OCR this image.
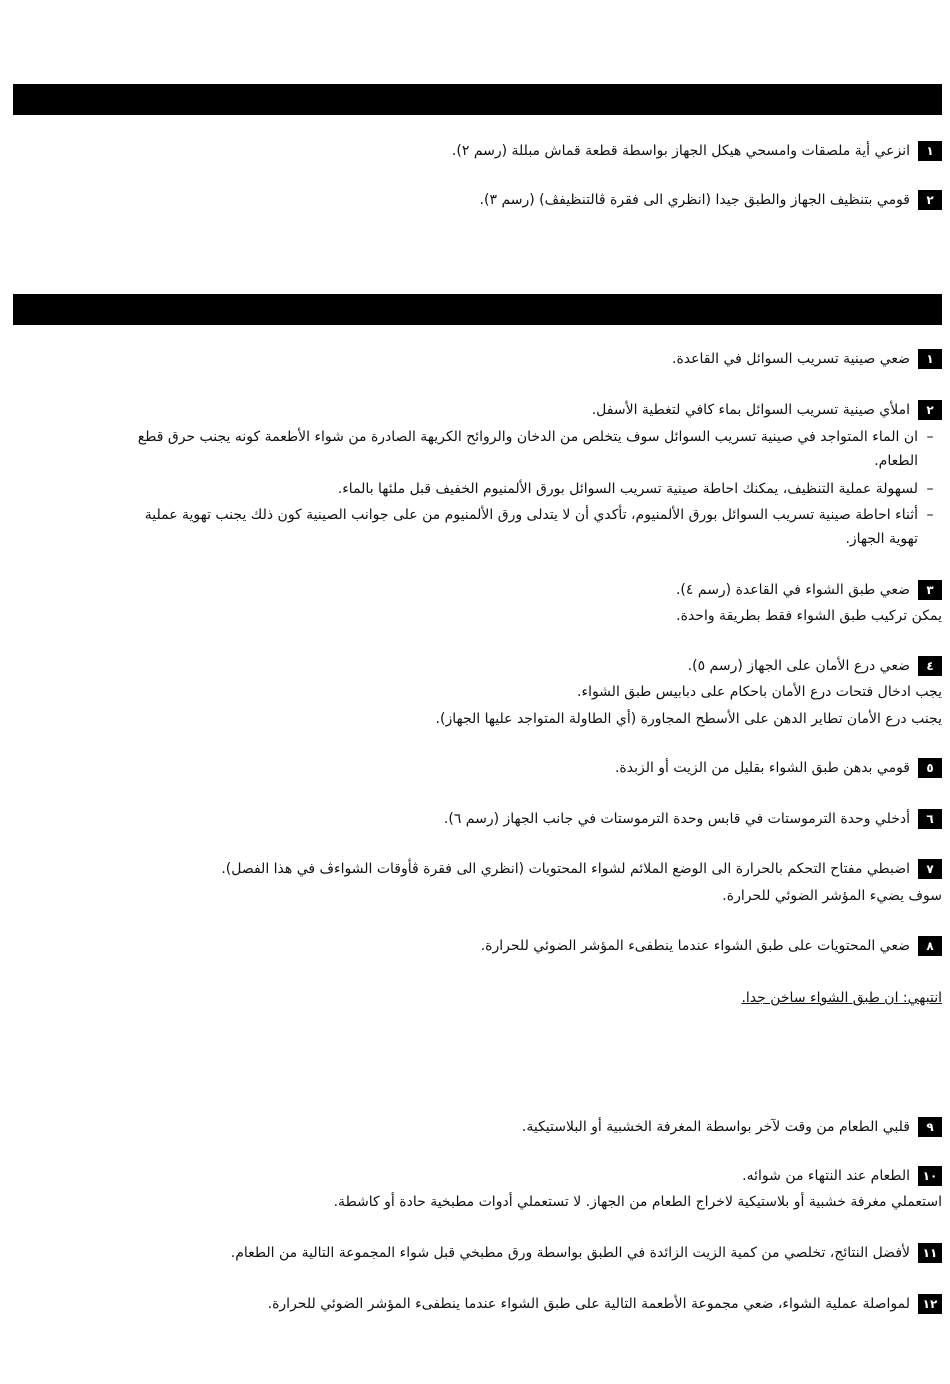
١انزعي أية ملصقات وامسحي هيكل الجهاز بواسطة قطعة قماش مبللة (رسم ٢).
٢قومي بتنظيف الجهاز والطبق جيدا (انظري الى فقرة ڤالتنظيفڤ) (رسم ٣).
١ضعي صينية تسريب السوائل في القاعدة.
٢املأي صينية تسريب السوائل بماء كافي لتغطية الأسفل.
–ان الماء المتواجد في صينية تسريب السوائل سوف يتخلص من الدخان والروائح الكريهة الصادرة من شواء الأطعمة كونه يجنب حرق قطع
الطعام.
–لسهولة عملية التنظيف، يمكنك احاطة صينية تسريب السوائل بورق الألمنيوم الخفيف قبل ملئها بالماء.
–أثناء احاطة صينية تسريب السوائل بورق الألمنيوم، تأكدي أن لا يتدلى ورق الألمنيوم من على جوانب الصينية كون ذلك يجنب تهوية عملية
تهوية الجهاز.
٣ضعي طبق الشواء في القاعدة (رسم ٤).
يمكن تركيب طبق الشواء فقط بطريقة واحدة.
٤ضعي درع الأمان على الجهاز (رسم ٥).
يجب ادخال فتحات درع الأمان باحكام على دبابيس طبق الشواء.
يجنب درع الأمان تطاير الدهن على الأسطح المجاورة (أي الطاولة المتواجد عليها الجهاز).
٥قومي بدهن طبق الشواء بقليل من الزيت أو الزبدة.
٦أدخلي وحدة الترموستات في قابس وحدة الترموستات في جانب الجهاز (رسم ٦).
٧اضبطي مفتاح التحكم بالحرارة الى الوضع الملائم لشواء المحتويات (انظري الى فقرة ڤأوقات الشواءڤ في هذا الفصل).
سوف يضيء المؤشر الضوئي للحرارة.
٨ضعي المحتويات على طبق الشواء عندما ينطفىء المؤشر الضوئي للحرارة.
انتبهي: ان طبق الشواء ساخن جدا.
٩قلبي الطعام من وقت لآخر بواسطة المغرفة الخشبية أو البلاستيكية.
١٠الطعام عند النتهاء من شوائه.
استعملي مغرفة خشبية أو بلاستيكية لاخراج الطعام من الجهاز. لا تستعملي أدوات مطبخية حادة أو كاشطة.
١١لأفضل النتائج، تخلصي من كمية الزيت الزائدة في الطبق بواسطة ورق مطبخي قبل شواء المجموعة التالية من الطعام.
١٢لمواصلة عملية الشواء، ضعي مجموعة الأطعمة التالية على طبق الشواء عندما ينطفىء المؤشر الضوئي للحرارة.
